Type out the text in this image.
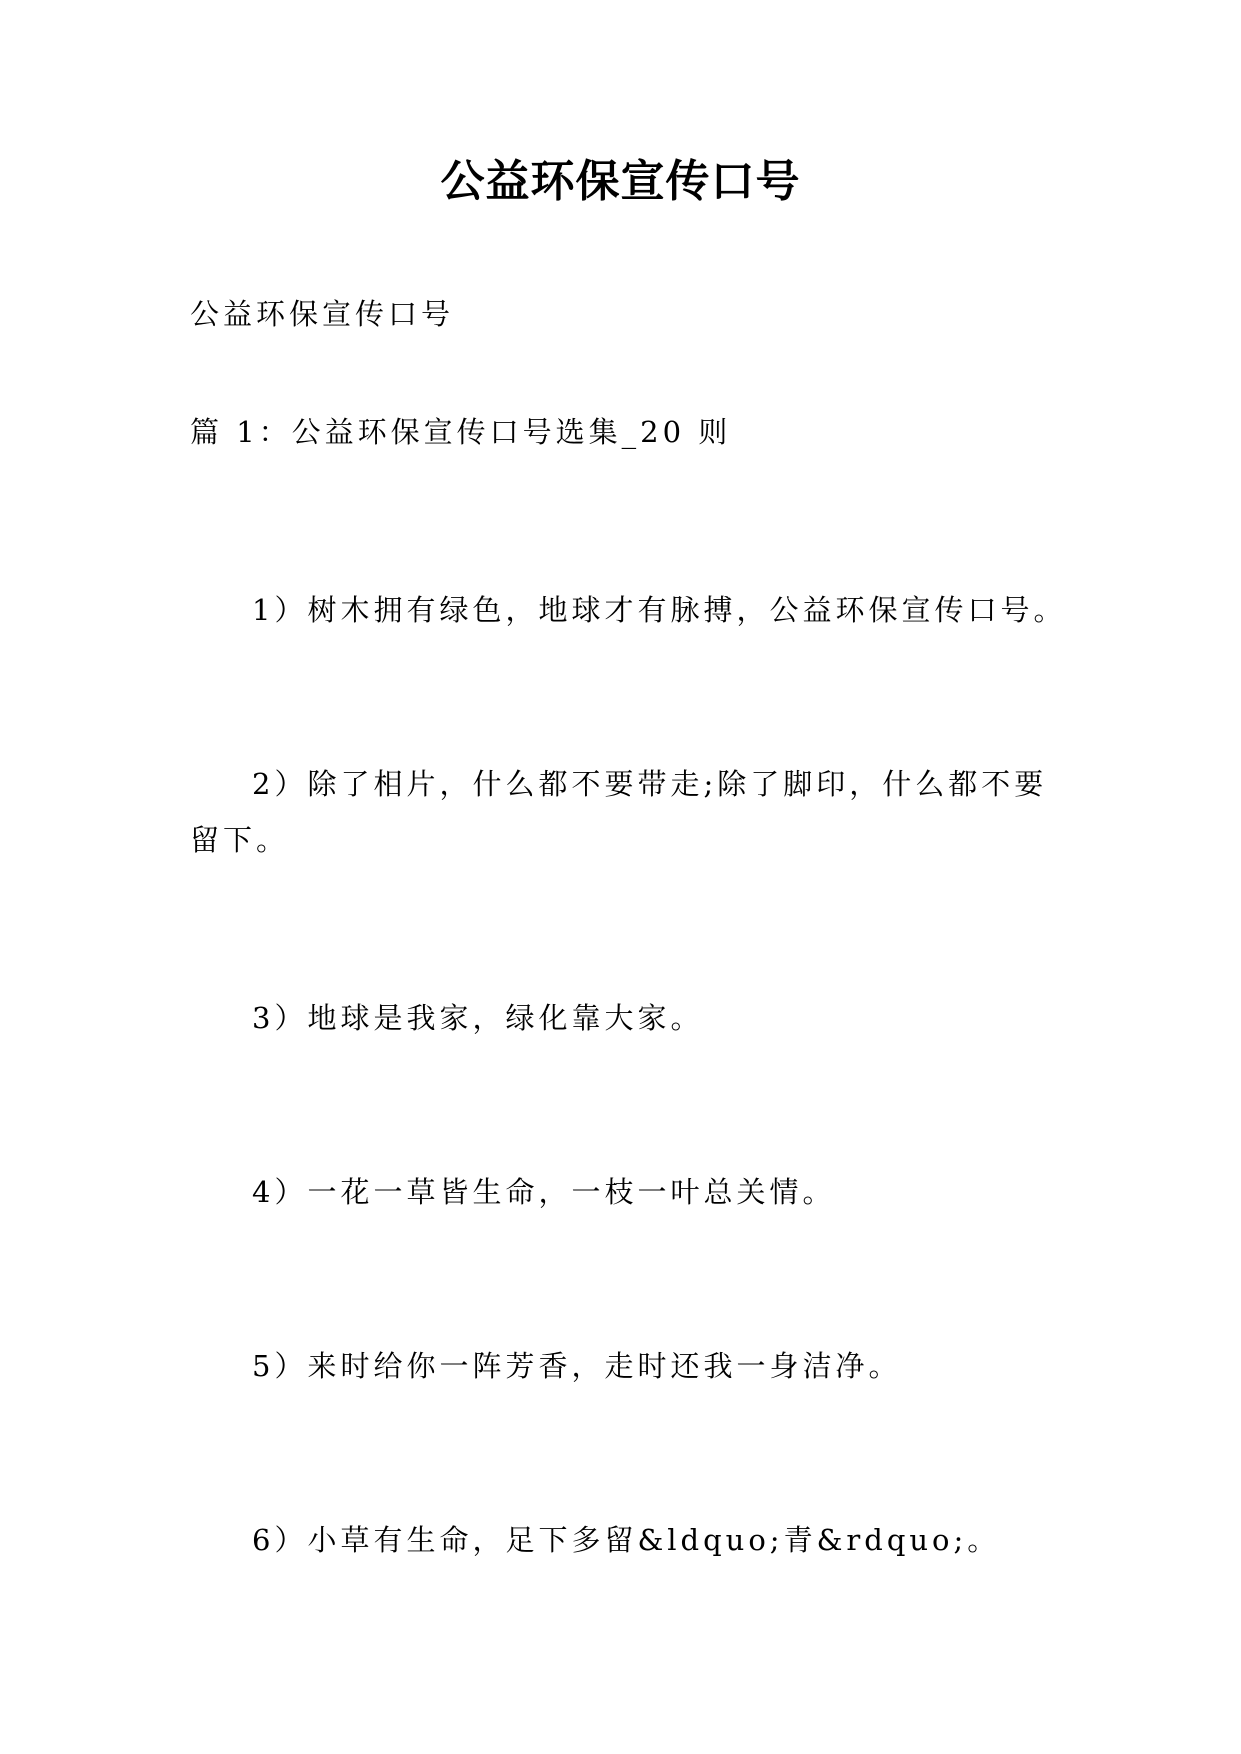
公益环保宣传口号
公益环保宣传口号
篇 1：公益环保宣传口号选集_20 则
1）树木拥有绿色，地球才有脉搏，公益环保宣传口号。
2）除了相片，什么都不要带走;除了脚印，什么都不要留下。
3）地球是我家，绿化靠大家。
4）一花一草皆生命，一枝一叶总关情。
5）来时给你一阵芳香，走时还我一身洁净。
6）小草有生命，足下多留&ldquo;青&rdquo;。
